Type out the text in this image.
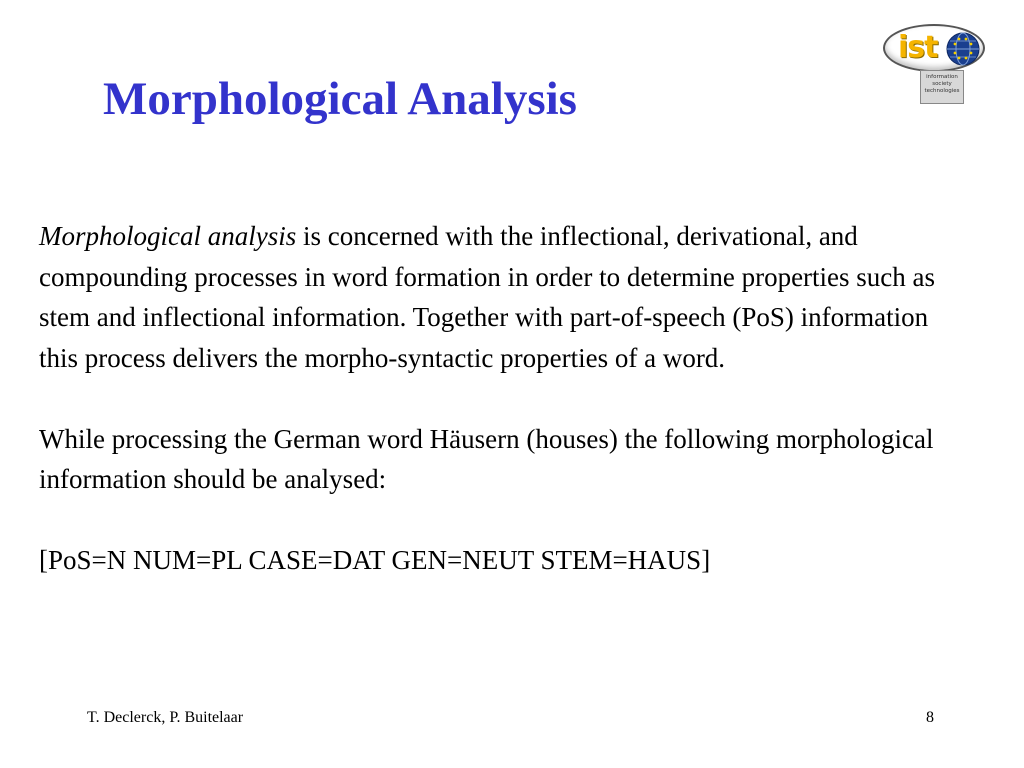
Morphological Analysis
ist
information
society
technologies

Morphological analysis is concerned with the inflectional, derivational, and compounding processes in word formation in order to determine properties such as stem and inflectional information. Together with part-of-speech (PoS) information this process delivers the morpho-syntactic properties of a word.

While processing the German word Häusern (houses) the following morphological information should be analysed:

[PoS=N NUM=PL CASE=DAT GEN=NEUT STEM=HAUS]

T. Declerck, P. Buitelaar	8
